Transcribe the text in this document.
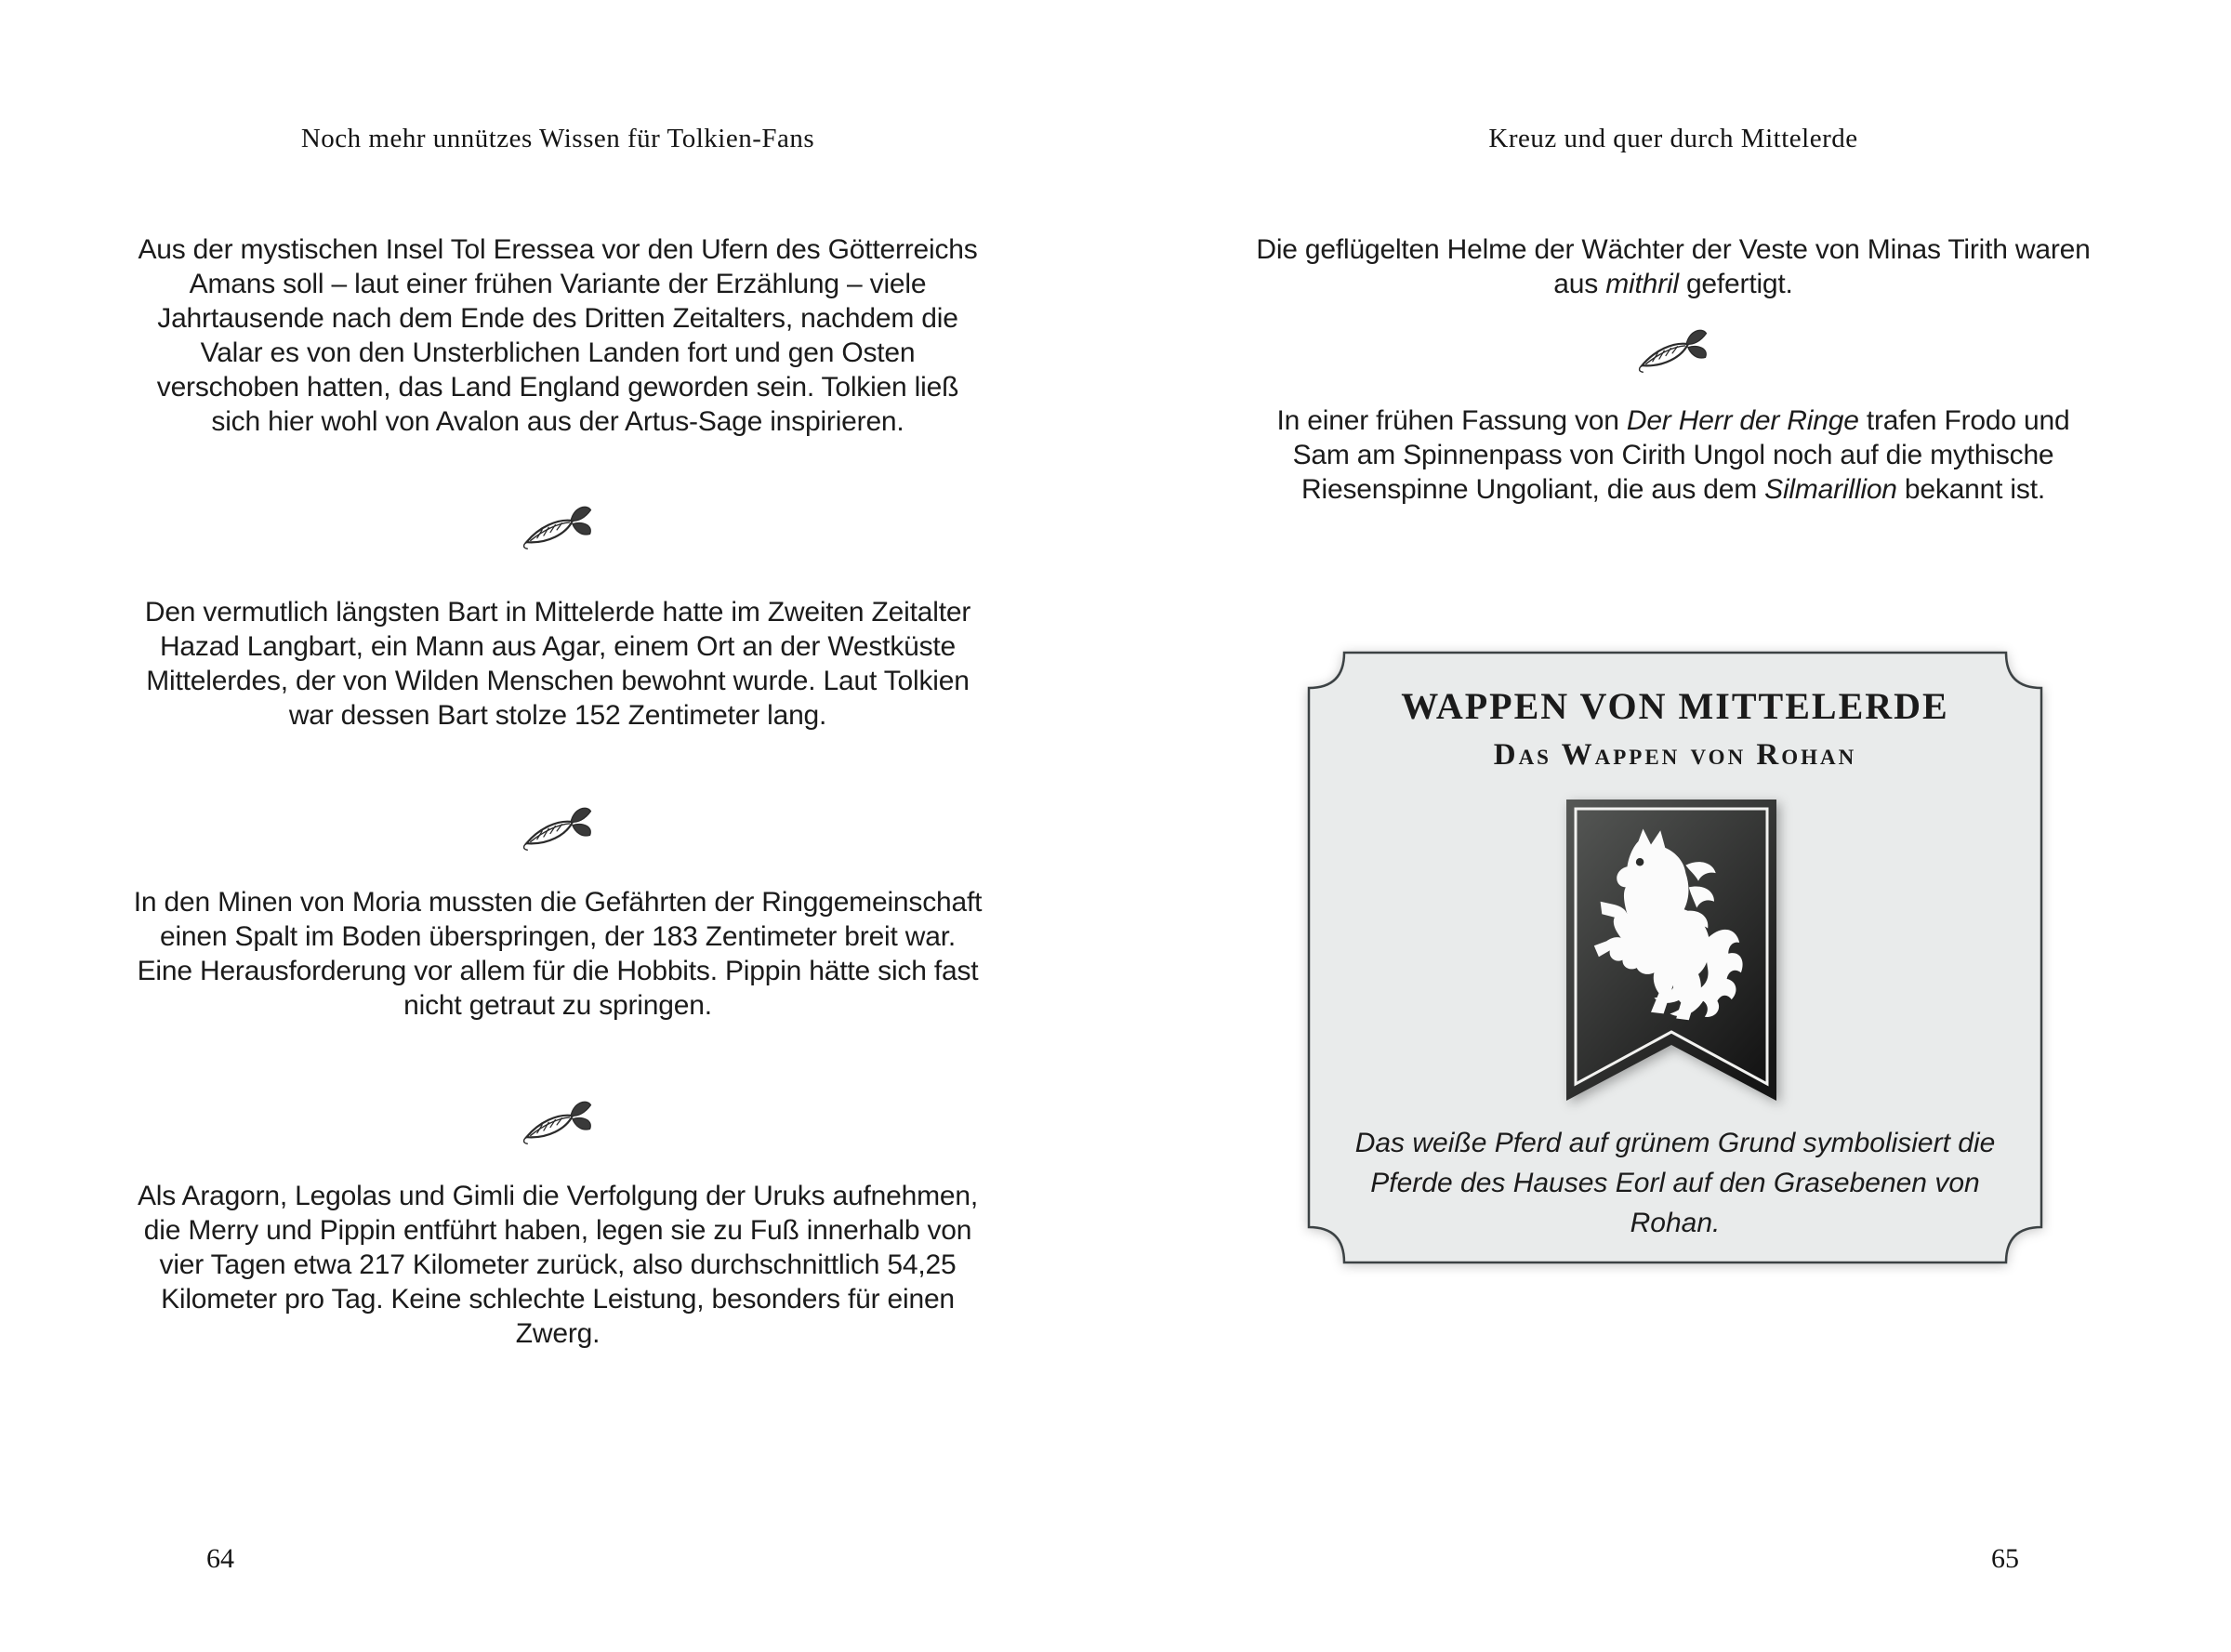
Noch mehr unnützes Wissen für Tolkien-Fans
Aus der mystischen Insel Tol Eressea vor den Ufern des Götterreichs Amans soll – laut einer frühen Variante der Erzählung – viele Jahrtausende nach dem Ende des Dritten Zeitalters, nachdem die Valar es von den Unsterblichen Landen fort und gen Osten verschoben hatten, das Land England geworden sein. Tolkien ließ sich hier wohl von Avalon aus der Artus-Sage inspirieren.
Den vermutlich längsten Bart in Mittelerde hatte im Zweiten Zeitalter Hazad Langbart, ein Mann aus Agar, einem Ort an der Westküste Mittelerdes, der von Wilden Menschen bewohnt wurde. Laut Tolkien war dessen Bart stolze 152 Zentimeter lang.
In den Minen von Moria mussten die Gefährten der Ringgemeinschaft einen Spalt im Boden überspringen, der 183 Zentimeter breit war. Eine Herausforderung vor allem für die Hobbits. Pippin hätte sich fast nicht getraut zu springen.
Als Aragorn, Legolas und Gimli die Verfolgung der Uruks aufnehmen, die Merry und Pippin entführt haben, legen sie zu Fuß innerhalb von vier Tagen etwa 217 Kilometer zurück, also durchschnittlich 54,25 Kilometer pro Tag. Keine schlechte Leistung, besonders für einen Zwerg.
64
Kreuz und quer durch Mittelerde
Die geflügelten Helme der Wächter der Veste von Minas Tirith waren aus mithril gefertigt.
In einer frühen Fassung von Der Herr der Ringe trafen Frodo und Sam am Spinnenpass von Cirith Ungol noch auf die mythische Riesenspinne Ungoliant, die aus dem Silmarillion bekannt ist.
WAPPEN VON MITTELERDE
Das Wappen von Rohan
Das weiße Pferd auf grünem Grund symbolisiert die Pferde des Hauses Eorl auf den Grasebenen von Rohan.
65
